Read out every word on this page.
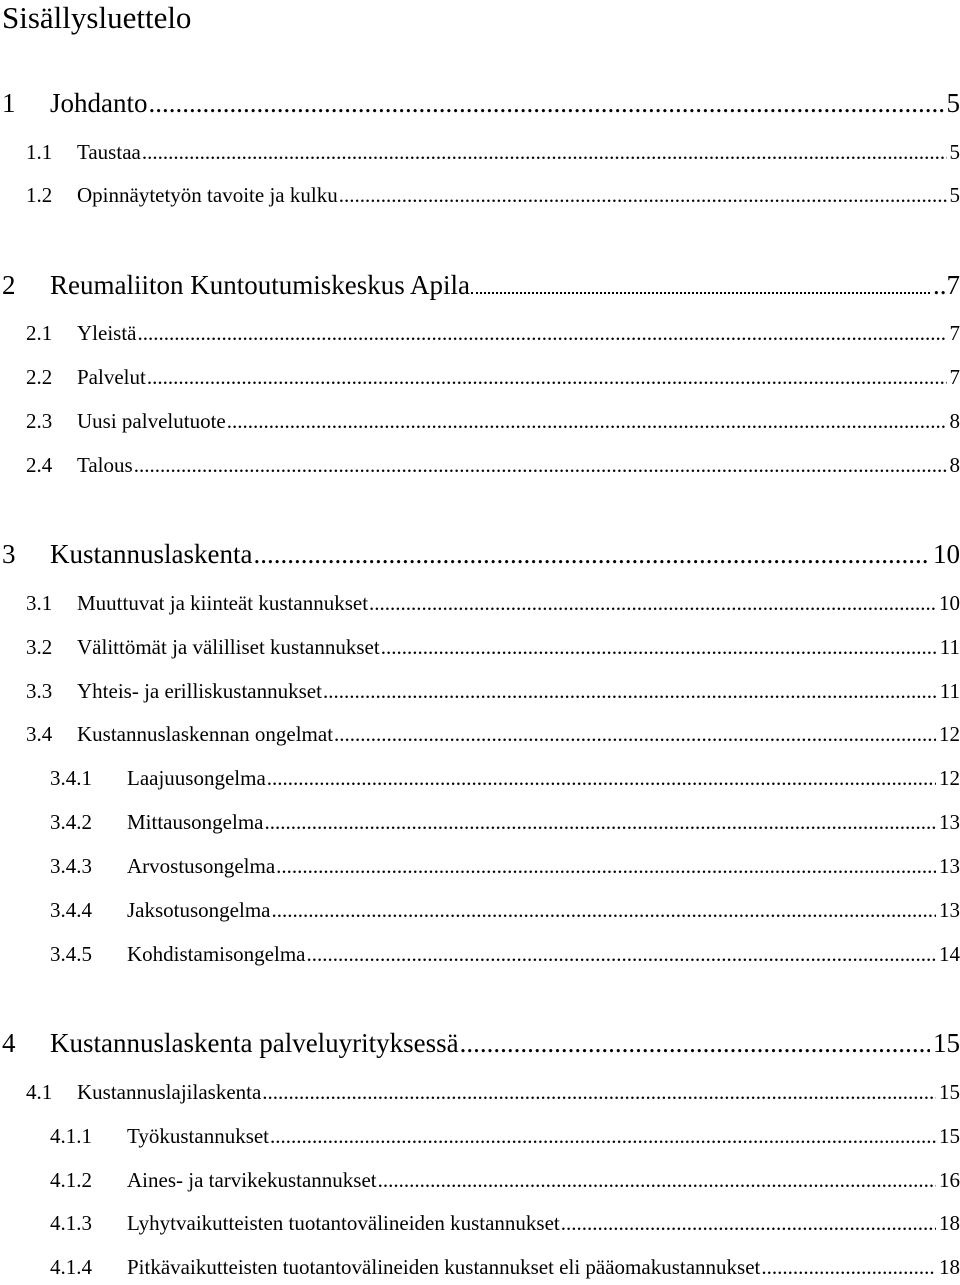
Sisällysluettelo
1	Johdanto .....	5
1.1	Taustaa .....	5
1.2	Opinnäytetyön tavoite ja kulku .....	5
2	Reumaliiton Kuntoutumiskeskus Apila	..7
2.1	Yleistä .....	7
2.2	Palvelut .....	7
2.3	Uusi palvelutuote .....	8
2.4	Talous .....	8
3	Kustannuslaskenta .....	10
3.1	Muuttuvat ja kiinteät kustannukset .....	10
3.2	Välittömät ja välilliset kustannukset .....	11
3.3	Yhteis- ja erilliskustannukset .....	11
3.4	Kustannuslaskennan ongelmat .....	12
3.4.1	Laajuusongelma .....	12
3.4.2	Mittausongelma .....	13
3.4.3	Arvostusongelma .....	13
3.4.4	Jaksotusongelma .....	13
3.4.5	Kohdistamisongelma .....	14
4	Kustannuslaskenta palveluyrityksessä .....	15
4.1	Kustannuslajilaskenta .....	15
4.1.1	Työkustannukset .....	15
4.1.2	Aines- ja tarvikekustannukset .....	16
4.1.3	Lyhytvaikutteisten tuotantovälineiden kustannukset .....	18
4.1.4	Pitkävaikutteisten tuotantovälineiden kustannukset eli pääomakustannukset .....	18
